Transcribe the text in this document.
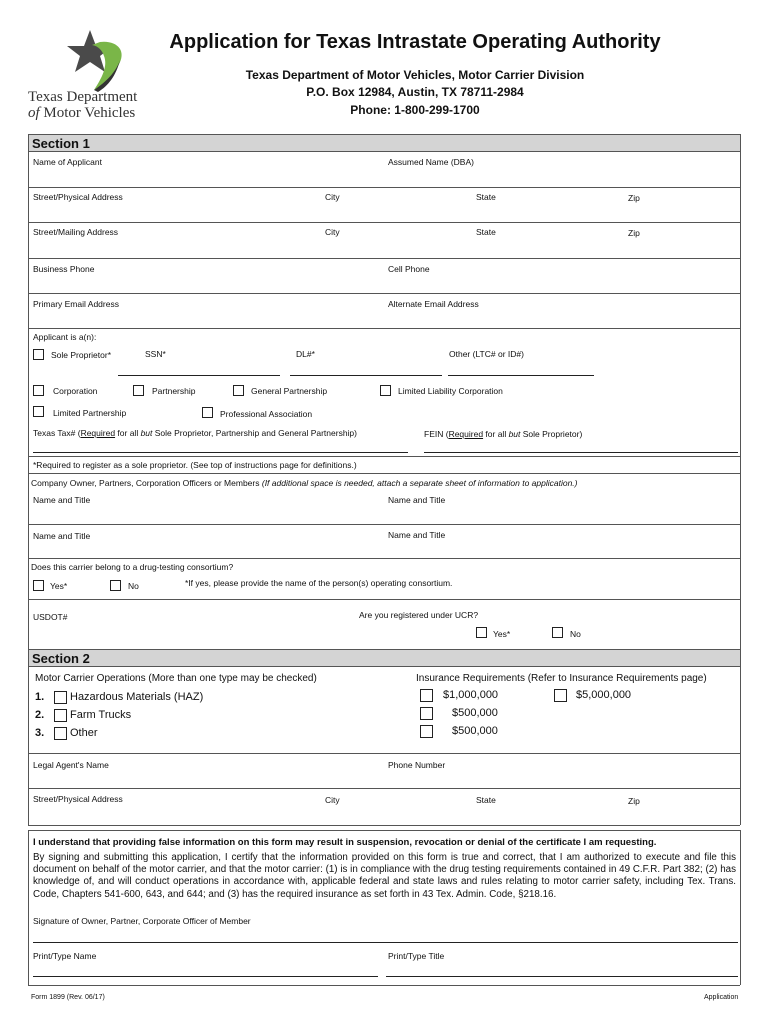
Texas Department
of Motor Vehicles
Application for Texas Intrastate Operating Authority
Texas Department of Motor Vehicles, Motor Carrier Division
P.O. Box 12984, Austin, TX 78711-2984
Phone: 1-800-299-1700
Section 1
Name of Applicant	Assumed Name (DBA)
Street/Physical Address	City	State	Zip
Street/Mailing Address	City	State	Zip
Business Phone	Cell Phone
Primary Email Address	Alternate Email Address
Applicant is a(n):
Sole Proprietor*	SSN*	DL#*	Other (LTC# or ID#)
Corporation	Partnership	General Partnership	Limited Liability Corporation
Limited Partnership	Professional Association
Texas Tax# (Required for all but Sole Proprietor, Partnership and General Partnership)	FEIN (Required for all but Sole Proprietor)
*Required to register as a sole proprietor. (See top of instructions page for definitions.)
Company Owner, Partners, Corporation Officers or Members (If additional space is needed, attach a separate sheet of information to application.)
Name and Title	Name and Title
Name and Title	Name and Title
Does this carrier belong to a drug-testing consortium?
Yes*	No	*If yes, please provide the name of the person(s) operating consortium.
USDOT#	Are you registered under UCR?
Yes*	No
Section 2
Motor Carrier Operations (More than one type may be checked)	Insurance Requirements (Refer to Insurance Requirements page)
1. Hazardous Materials (HAZ)
2. Farm Trucks
3. Other
$1,000,000	$5,000,000
$500,000
$500,000
Legal Agent's Name	Phone Number
Street/Physical Address	City	State	Zip
I understand that providing false information on this form may result in suspension, revocation or denial of the certificate I am requesting.
By signing and submitting this application, I certify that the information provided on this form is true and correct, that I am authorized to execute and file this document on behalf of the motor carrier, and that the motor carrier: (1) is in compliance with the drug testing requirements contained in 49 C.F.R. Part 382; (2) has knowledge of, and will conduct operations in accordance with, applicable federal and state laws and rules relating to motor carrier safety, including Tex. Trans. Code, Chapters 541-600, 643, and 644; and (3) has the required insurance as set forth in 43 Tex. Admin. Code, §218.16.
Signature of Owner, Partner, Corporate Officer of Member
Print/Type Name	Print/Type Title
Form 1899 (Rev. 06/17)	Application
